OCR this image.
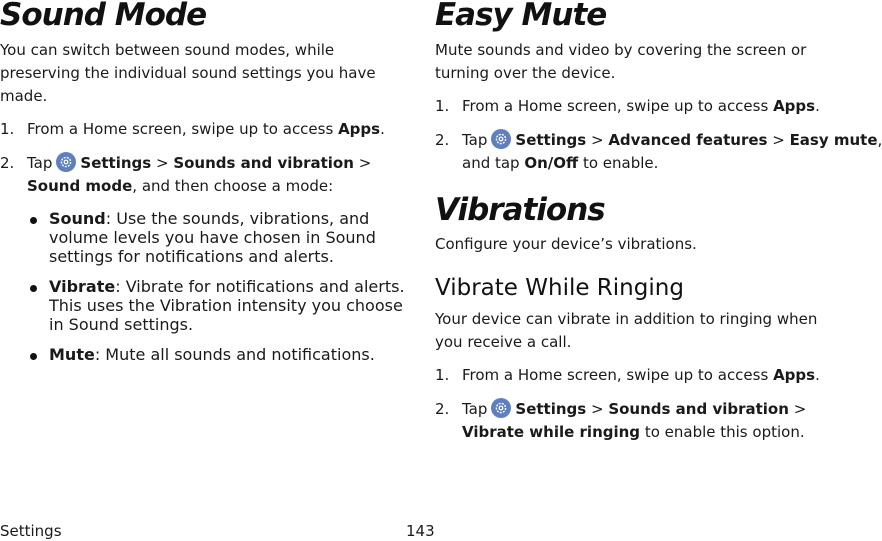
Sound Mode

You can switch between sound modes, while preserving the individual sound settings you have made.

1. From a Home screen, swipe up to access Apps.
2. Tap Settings > Sounds and vibration >
Sound mode, and then choose a mode:
Sound: Use the sounds, vibrations, and volume levels you have chosen in Sound settings for notifications and alerts.
Vibrate: Vibrate for notifications and alerts. This uses the Vibration intensity you choose in Sound settings.
Mute: Mute all sounds and notifications.
Easy Mute

Mute sounds and video by covering the screen or turning over the device.

1. From a Home screen, swipe up to access Apps.
2. Tap Settings > Advanced features > Easy mute,
and tap On/Off to enable.
Vibrations

Configure your device’s vibrations.

Vibrate While Ringing

Your device can vibrate in addition to ringing when you receive a call.

1. From a Home screen, swipe up to access Apps.
2. Tap Settings > Sounds and vibration >
Vibrate while ringing to enable this option.
Settings	143
